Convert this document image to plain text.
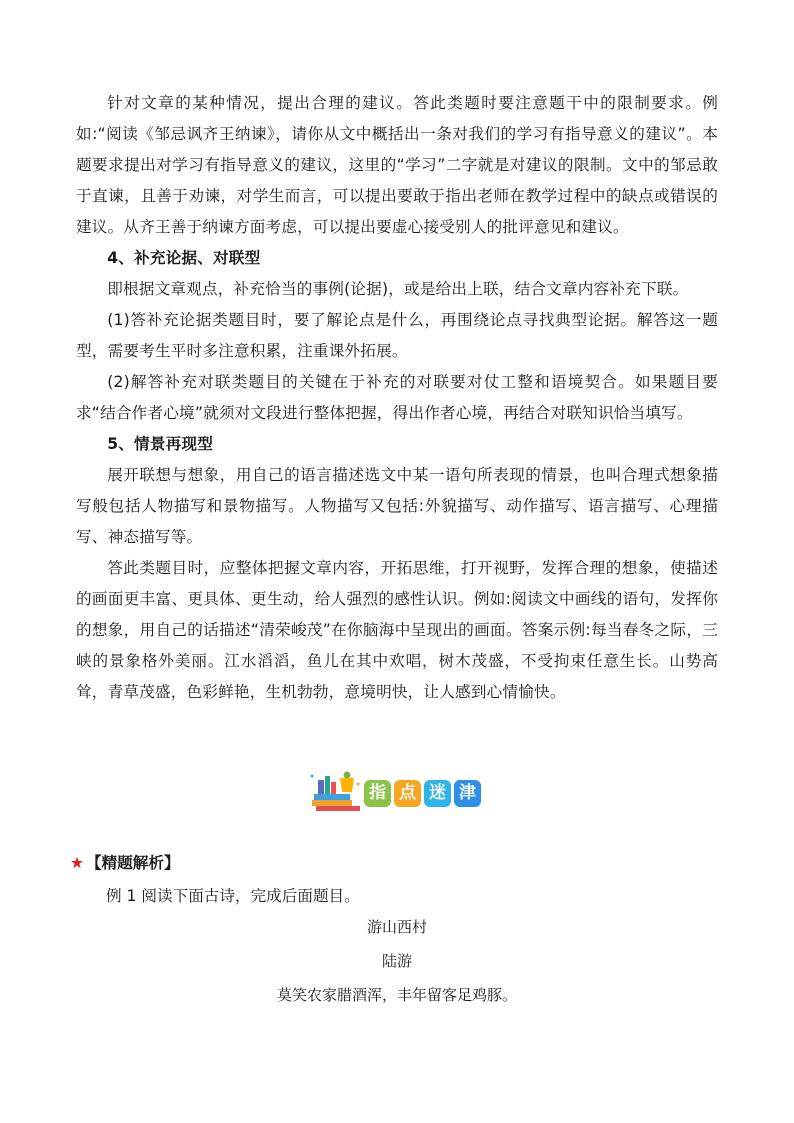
针对文章的某种情况，提出合理的建议。答此类题时要注意题干中的限制要求。例如:“阅读《邹忌讽齐王纳谏》，请你从文中概括出一条对我们的学习有指导意义的建议”。本题要求提出对学习有指导意义的建议，这里的“学习”二字就是对建议的限制。文中的邹忌敢于直谏，且善于劝谏，对学生而言，可以提出要敢于指出老师在教学过程中的缺点或错误的建议。从齐王善于纳谏方面考虑，可以提出要虚心接受别人的批评意见和建议。

4、补充论据、对联型

即根据文章观点，补充恰当的事例(论据)，或是给出上联，结合文章内容补充下联。

(1)答补充论据类题目时，要了解论点是什么，再围绕论点寻找典型论据。解答这一题型，需要考生平时多注意积累，注重课外拓展。

(2)解答补充对联类题目的关键在于补充的对联要对仗工整和语境契合。如果题目要求“结合作者心境”就须对文段进行整体把握，得出作者心境，再结合对联知识恰当填写。

5、情景再现型

展开联想与想象，用自己的语言描述选文中某一语句所表现的情景，也叫合理式想象描写般包括人物描写和景物描写。人物描写又包括:外貌描写、动作描写、语言描写、心理描写、神态描写等。

答此类题目时，应整体把握文章内容，开拓思维，打开视野，发挥合理的想象，使描述的画面更丰富、更具体、更生动，给人强烈的感性认识。例如:阅读文中画线的语句，发挥你的想象，用自己的话描述“清荣峻茂”在你脑海中呈现出的画面。答案示例:每当春冬之际，三峡的景象格外美丽。江水滔滔，鱼儿在其中欢唱，树木茂盛，不受拘束任意生长。山势高耸，青草茂盛，色彩鲜艳，生机勃勃，意境明快，让人感到心情愉快。

指 点 迷 津
★ 【精题解析】
例 1 阅读下面古诗，完成后面题目。
游山西村
陆游
莫笑农家腊酒浑，丰年留客足鸡豚。
